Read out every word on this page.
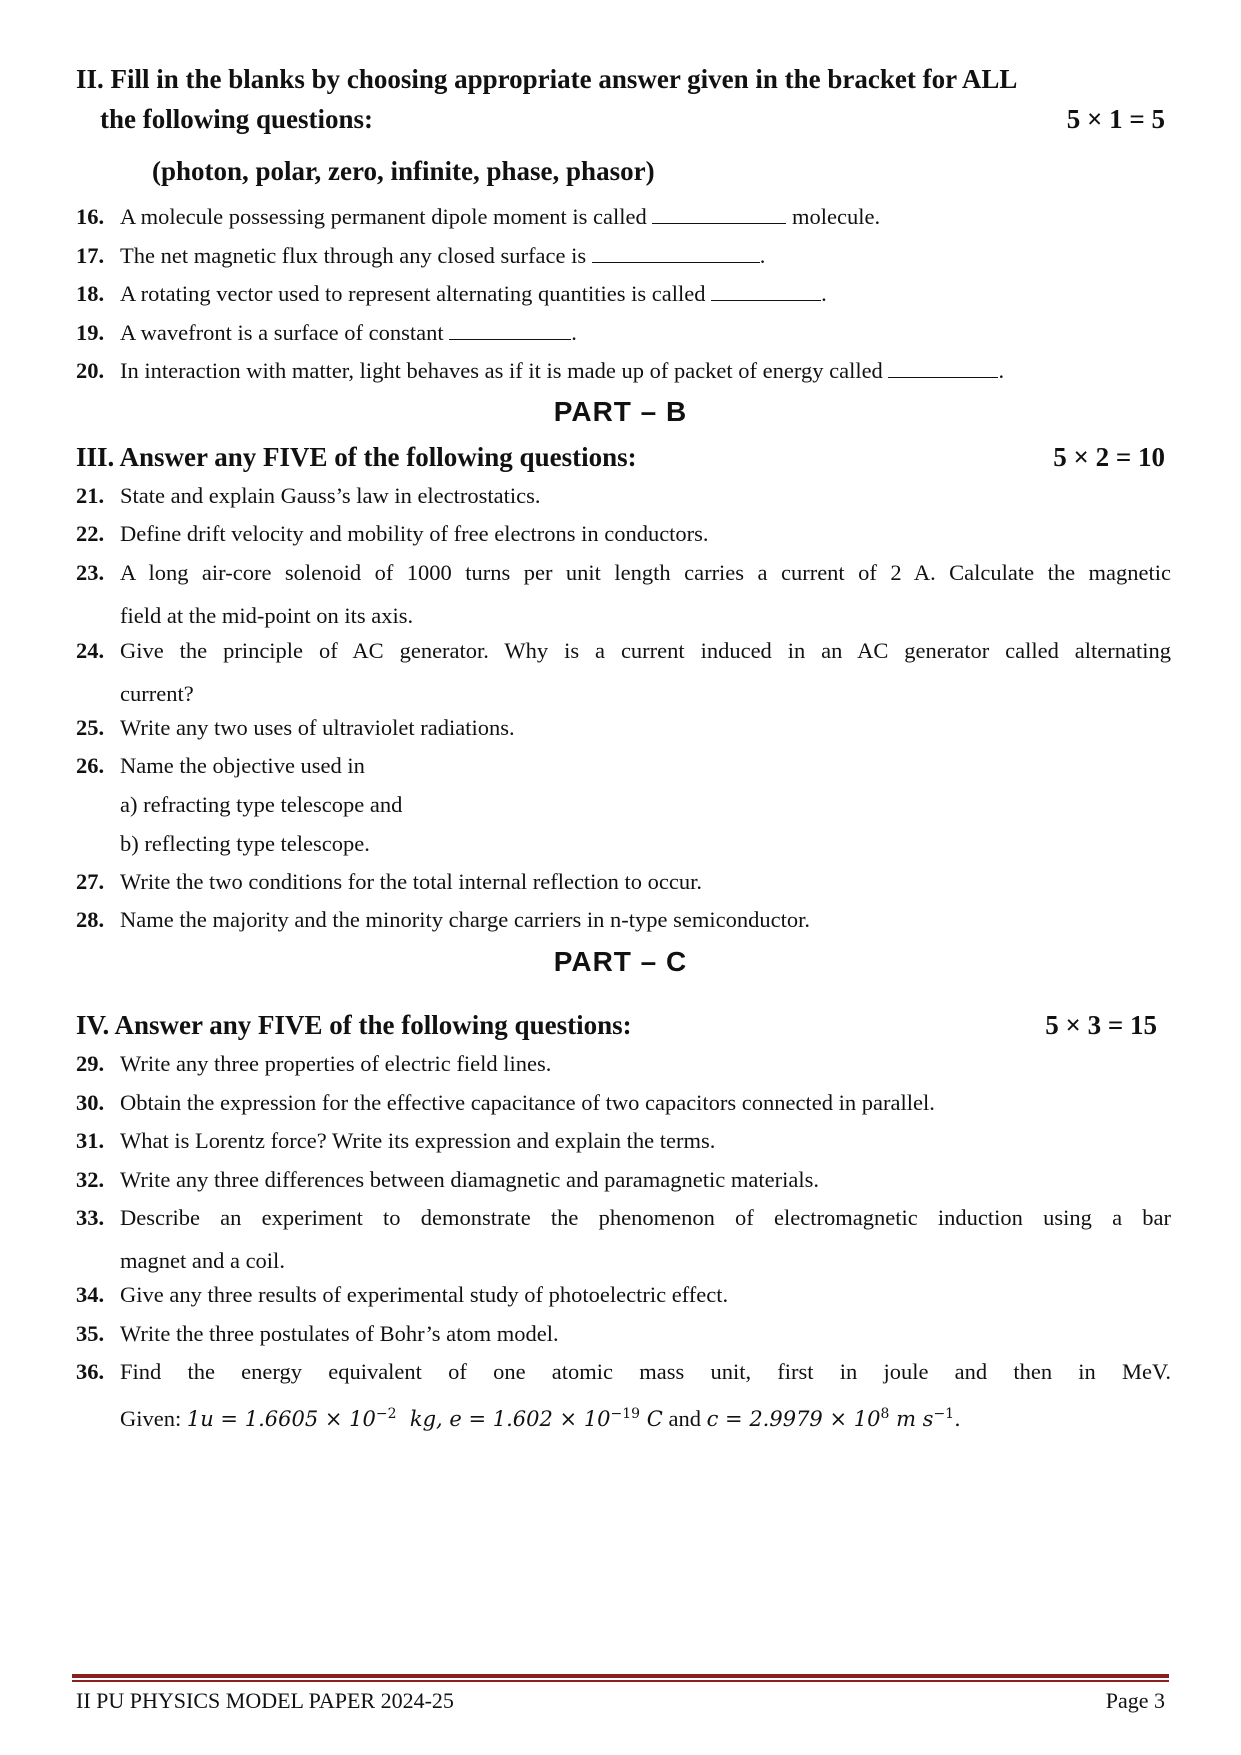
II. Fill in the blanks by choosing appropriate answer given in the bracket for ALL
the following questions:	5 × 1 = 5
(photon, polar, zero, infinite, phase, phasor)
16. A molecule possessing permanent dipole moment is called	molecule.
17. The net magnetic flux through any closed surface is	.
18. A rotating vector used to represent alternating quantities is called	.
19. A wavefront is a surface of constant	.
20. In interaction with matter, light behaves as if it is made up of packet of energy called	.
PART – B
III. Answer any FIVE of the following questions:	5 × 2 = 10
21. State and explain Gauss’s law in electrostatics.
22. Define drift velocity and mobility of free electrons in conductors.
23. A long air-core solenoid of 1000 turns per unit length carries a current of 2 A. Calculate the magnetic
field at the mid-point on its axis.
24. Give the principle of AC generator. Why is a current induced in an AC generator called alternating
current?
25. Write any two uses of ultraviolet radiations.
26. Name the objective used in
a) refracting type telescope and
b) reflecting type telescope.
27. Write the two conditions for the total internal reflection to occur.
28. Name the majority and the minority charge carriers in n-type semiconductor.
PART – C
IV. Answer any FIVE of the following questions:	5 × 3 = 15
29. Write any three properties of electric field lines.
30. Obtain the expression for the effective capacitance of two capacitors connected in parallel.
31. What is Lorentz force? Write its expression and explain the terms.
32. Write any three differences between diamagnetic and paramagnetic materials.
33. Describe an experiment to demonstrate the phenomenon of electromagnetic induction using a bar
magnet and a coil.
34. Give any three results of experimental study of photoelectric effect.
35. Write the three postulates of Bohr’s atom model.
36. Find the energy equivalent of one atomic mass unit, first in joule and then in MeV.
Given: $1u = 1.6605 \times 10^{-2}$ kg, $e = 1.602 \times 10^{-19}$ C and $c = 2.9979 \times 10^8$ m $s^{-1}$.
II PU PHYSICS MODEL PAPER 2024-25	Page 3
